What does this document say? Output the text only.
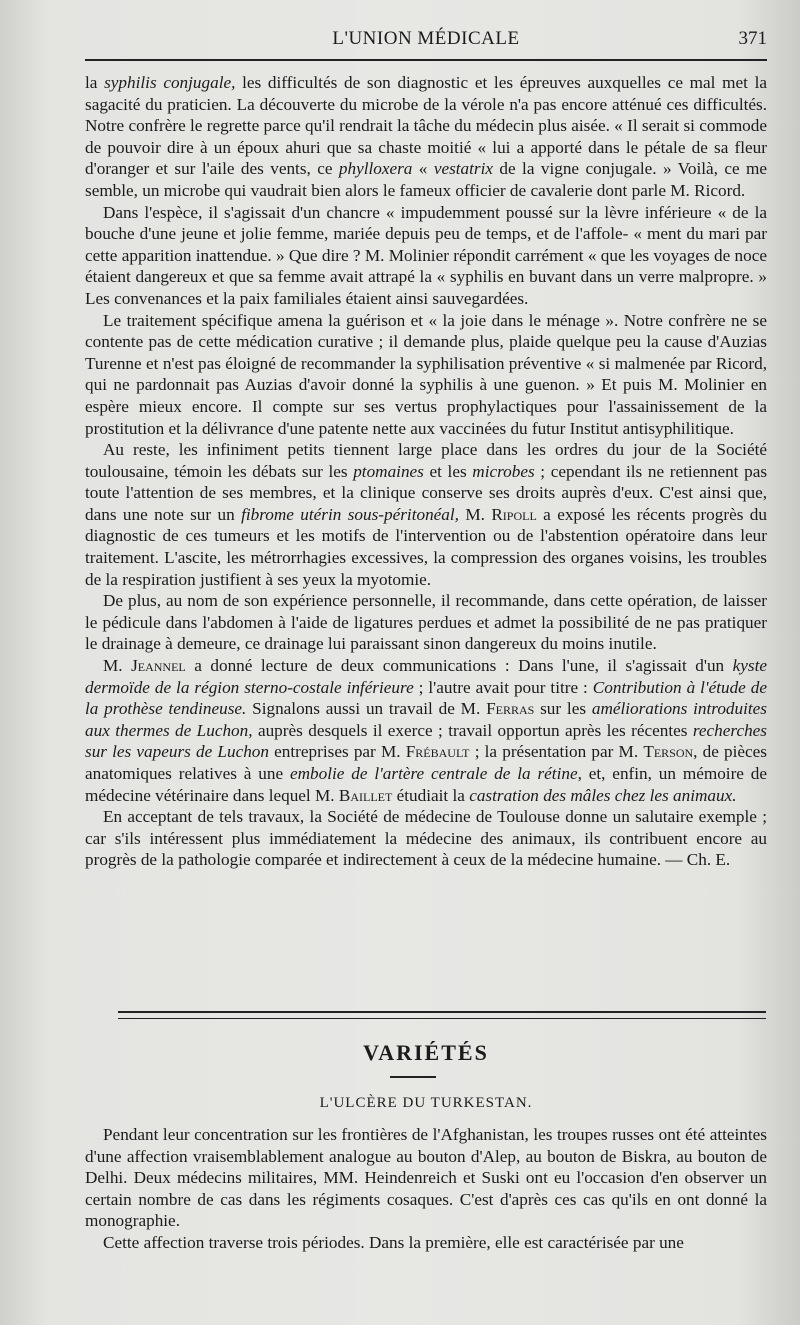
L'UNION MÉDICALE	371

la syphilis conjugale, les difficultés de son diagnostic et les épreuves auxquelles ce mal met la sagacité du praticien. La découverte du microbe de la vérole n'a pas encore atténué ces difficultés. Notre confrère le regrette parce qu'il rendrait la tâche du médecin plus aisée. « Il serait si commode de pouvoir dire à un époux ahuri que sa chaste moitié « lui a apporté dans le pétale de sa fleur d'oranger et sur l'aile des vents, ce phylloxera « vestatrix de la vigne conjugale. » Voilà, ce me semble, un microbe qui vaudrait bien alors le fameux officier de cavalerie dont parle M. Ricord.

Dans l'espèce, il s'agissait d'un chancre « impudemment poussé sur la lèvre inférieure « de la bouche d'une jeune et jolie femme, mariée depuis peu de temps, et de l'affole- « ment du mari par cette apparition inattendue. » Que dire ? M. Molinier répondit carrément « que les voyages de noce étaient dangereux et que sa femme avait attrapé la « syphilis en buvant dans un verre malpropre. » Les convenances et la paix familiales étaient ainsi sauvegardées.

Le traitement spécifique amena la guérison et « la joie dans le ménage ». Notre confrère ne se contente pas de cette médication curative ; il demande plus, plaide quelque peu la cause d'Auzias Turenne et n'est pas éloigné de recommander la syphilisation préventive « si malmenée par Ricord, qui ne pardonnait pas Auzias d'avoir donné la syphilis à une guenon. » Et puis M. Molinier en espère mieux encore. Il compte sur ses vertus prophylactiques pour l'assainissement de la prostitution et la délivrance d'une patente nette aux vaccinées du futur Institut antisyphilitique.

Au reste, les infiniment petits tiennent large place dans les ordres du jour de la Société toulousaine, témoin les débats sur les ptomaines et les microbes ; cependant ils ne retiennent pas toute l'attention de ses membres, et la clinique conserve ses droits auprès d'eux. C'est ainsi que, dans une note sur un fibrome utérin sous-péritonéal, M. Ripoll a exposé les récents progrès du diagnostic de ces tumeurs et les motifs de l'intervention ou de l'abstention opératoire dans leur traitement. L'ascite, les métrorrhagies excessives, la compression des organes voisins, les troubles de la respiration justifient à ses yeux la myotomie.

De plus, au nom de son expérience personnelle, il recommande, dans cette opération, de laisser le pédicule dans l'abdomen à l'aide de ligatures perdues et admet la possibilité de ne pas pratiquer le drainage à demeure, ce drainage lui paraissant sinon dangereux du moins inutile.

M. Jeannel a donné lecture de deux communications : Dans l'une, il s'agissait d'un kyste dermoïde de la région sterno-costale inférieure ; l'autre avait pour titre : Contribution à l'étude de la prothèse tendineuse. Signalons aussi un travail de M. Ferras sur les améliorations introduites aux thermes de Luchon, auprès desquels il exerce ; travail opportun après les récentes recherches sur les vapeurs de Luchon entreprises par M. Frébault ; la présentation par M. Terson, de pièces anatomiques relatives à une embolie de l'artère centrale de la rétine, et, enfin, un mémoire de médecine vétérinaire dans lequel M. Baillet étudiait la castration des mâles chez les animaux.

En acceptant de tels travaux, la Société de médecine de Toulouse donne un salutaire exemple ; car s'ils intéressent plus immédiatement la médecine des animaux, ils contribuent encore au progrès de la pathologie comparée et indirectement à ceux de la médecine humaine. — Ch. E.

VARIÉTÉS
L'ULCÈRE DU TURKESTAN.

Pendant leur concentration sur les frontières de l'Afghanistan, les troupes russes ont été atteintes d'une affection vraisemblablement analogue au bouton d'Alep, au bouton de Biskra, au bouton de Delhi. Deux médecins militaires, MM. Heindenreich et Suski ont eu l'occasion d'en observer un certain nombre de cas dans les régiments cosaques. C'est d'après ces cas qu'ils en ont donné la monographie.

Cette affection traverse trois périodes. Dans la première, elle est caractérisée par une
